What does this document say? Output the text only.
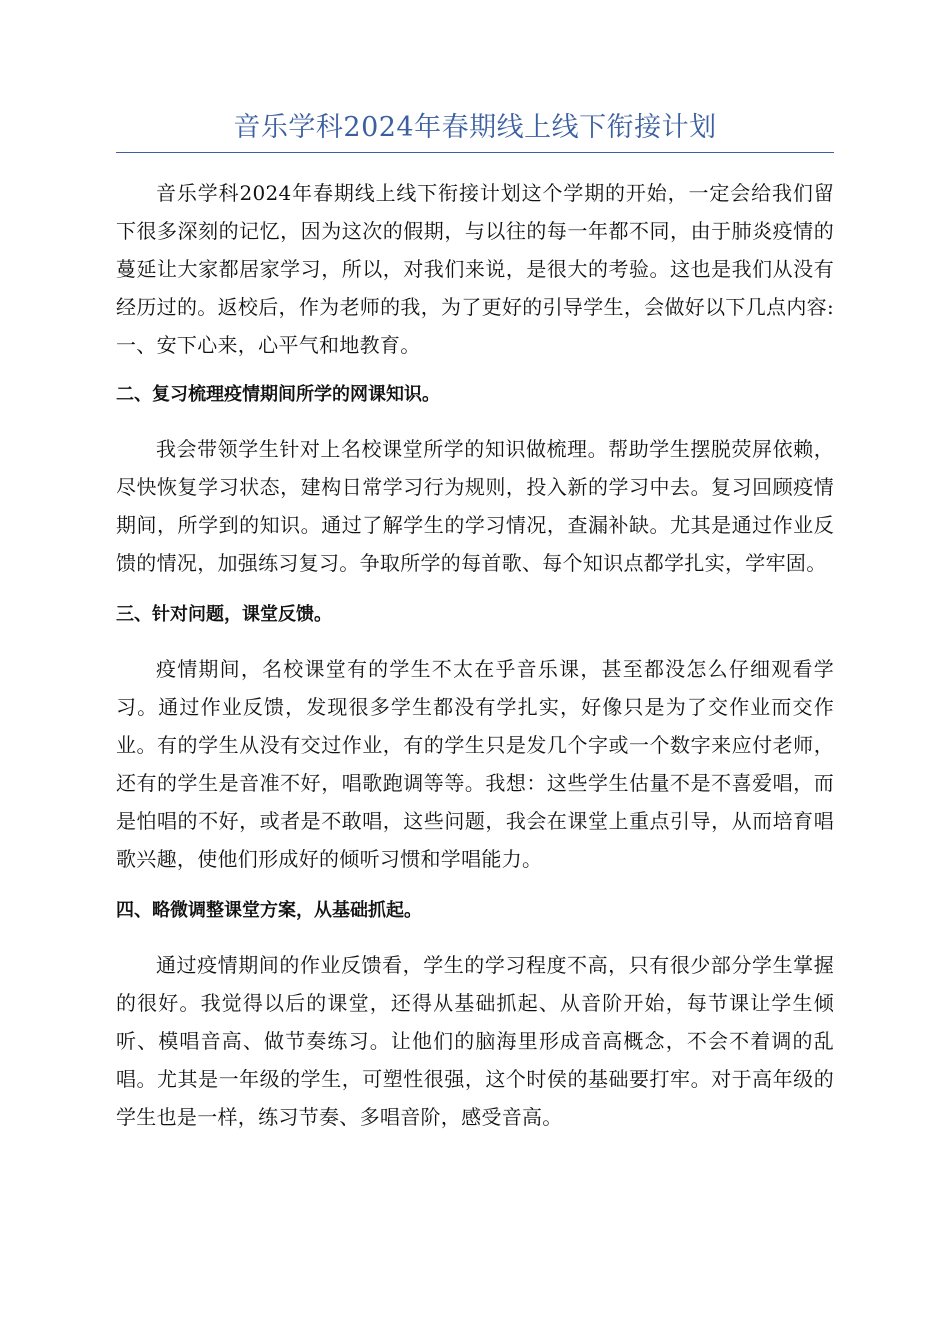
音乐学科2024年春期线上线下衔接计划

音乐学科2024年春期线上线下衔接计划这个学期的开始，一定会给我们留下很多深刻的记忆，因为这次的假期，与以往的每一年都不同，由于肺炎疫情的蔓延让大家都居家学习，所以，对我们来说，是很大的考验。这也是我们从没有经历过的。返校后，作为老师的我，为了更好的引导学生，会做好以下几点内容:一、安下心来，心平气和地教育。

二、复习梳理疫情期间所学的网课知识。

我会带领学生针对上名校课堂所学的知识做梳理。帮助学生摆脱荧屏依赖，尽快恢复学习状态，建构日常学习行为规则，投入新的学习中去。复习回顾疫情期间，所学到的知识。通过了解学生的学习情况，查漏补缺。尤其是通过作业反馈的情况，加强练习复习。争取所学的每首歌、每个知识点都学扎实，学牢固。

三、针对问题，课堂反馈。

疫情期间，名校课堂有的学生不太在乎音乐课，甚至都没怎么仔细观看学习。通过作业反馈，发现很多学生都没有学扎实，好像只是为了交作业而交作业。有的学生从没有交过作业，有的学生只是发几个字或一个数字来应付老师，还有的学生是音准不好，唱歌跑调等等。我想：这些学生估量不是不喜爱唱，而是怕唱的不好，或者是不敢唱，这些问题，我会在课堂上重点引导，从而培育唱歌兴趣，使他们形成好的倾听习惯和学唱能力。

四、略微调整课堂方案，从基础抓起。

通过疫情期间的作业反馈看，学生的学习程度不高，只有很少部分学生掌握的很好。我觉得以后的课堂，还得从基础抓起、从音阶开始，每节课让学生倾听、模唱音高、做节奏练习。让他们的脑海里形成音高概念，不会不着调的乱唱。尤其是一年级的学生，可塑性很强，这个时侯的基础要打牢。对于高年级的学生也是一样，练习节奏、多唱音阶，感受音高。
